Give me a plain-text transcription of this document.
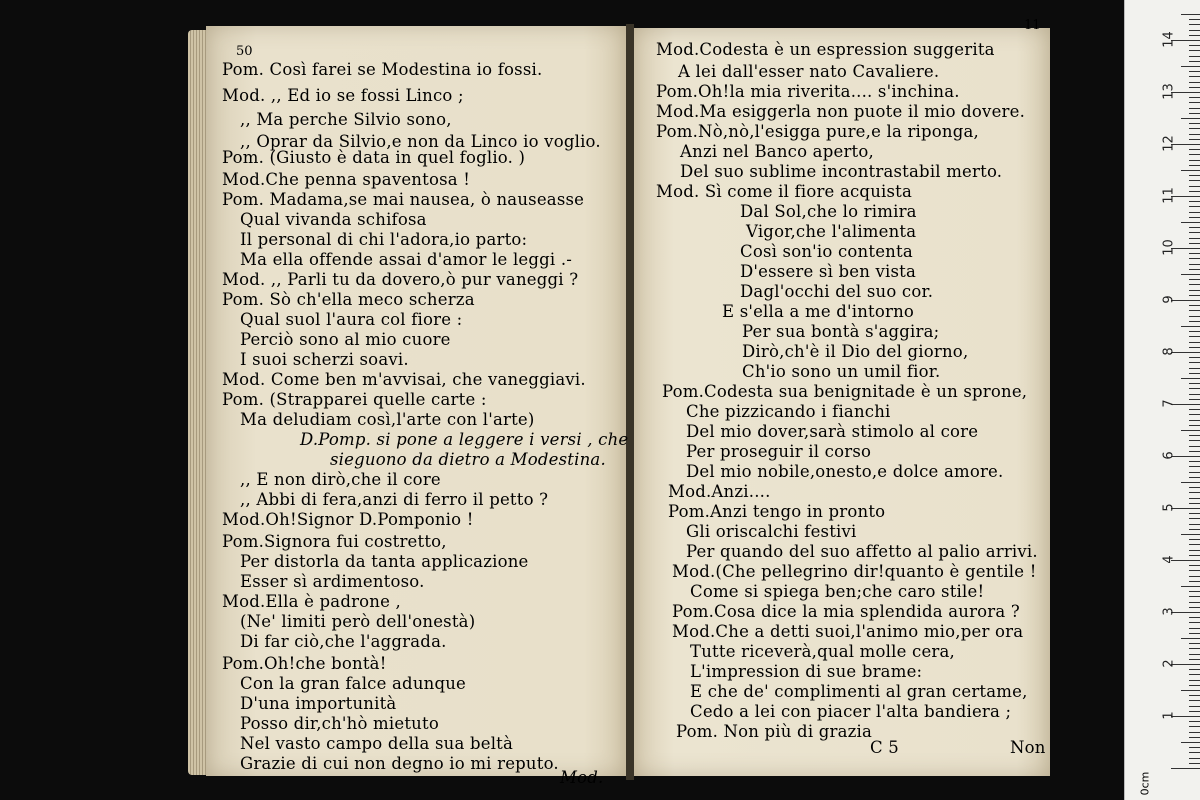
Pom. Così farei se Modestina io fossi.
Mod. ,, Ed io se fossi Linco ;
,, Ma perche Silvio sono,
,, Oprar da Silvio,e non da Linco io voglio.
Pom. (Giusto è data in quel foglio. )
Mod.Che penna spaventosa !
Pom. Madama,se mai nausea, ò nauseasse
Qual vivanda schifosa
Il personal di chi l'adora,io parto:
Ma ella offende assai d'amor le leggi .-
Mod. ,, Parli tu da dovero,ò pur vaneggi ?
Pom. Sò ch'ella meco scherza
Qual suol l'aura col fiore :
Perciò sono al mio cuore
I suoi scherzi soavi.
Mod. Come ben m'avvisai, che vaneggiavi.
Pom. (Strapparei quelle carte :
Ma deludiam così,l'arte con l'arte)
D.Pomp. si pone a leggere i versi , che
sieguono da dietro a Modestina.
,, E non dirò,che il core
,, Abbi di fera,anzi di ferro il petto ?
Mod.Oh!Signor D.Pomponio !
Pom.Signora fui costretto,
Per distorla da tanta applicazione
Esser sì ardimentoso.
Mod.Ella è padrone ,
(Ne' limiti però dell'onestà)
Di far ciò,che l'aggrada.
Pom.Oh!che bontà!
Con la gran falce adunque
D'una importunità
Posso dir,ch'hò mietuto
Nel vasto campo della sua beltà
Grazie di cui non degno io mi reputo.
Mod.
Mod.Codesta è un espression suggerita
A lei dall'esser nato Cavaliere.
Pom.Oh!la mia riverita.... s'inchina.
Mod.Ma esiggerla non puote il mio dovere.
Pom.Nò,nò,l'esigga pure,e la riponga,
Anzi nel Banco aperto,
Del suo sublime incontrastabil merto.
Mod. Sì come il fiore acquista
Dal Sol,che lo rimira
Vigor,che l'alimenta
Così son'io contenta
D'essere sì ben vista
Dagl'occhi del suo cor.
E s'ella a me d'intorno
Per sua bontà s'aggira;
Dirò,ch'è il Dio del giorno,
Ch'io sono un umil fior.
Pom.Codesta sua benignitade è un sprone,
Che pizzicando i fianchi
Del mio dover,sarà stimolo al core
Per proseguir il corso
Del mio nobile,onesto,e dolce amore.
Mod.Anzi....
Pom.Anzi tengo in pronto
Gli oriscalchi festivi
Per quando del suo affetto al palio arrivi.
Mod.(Che pellegrino dir!quanto è gentile !
Come si spiega ben;che caro stile!
Pom.Cosa dice la mia splendida aurora ?
Mod.Che a detti suoi,l'animo mio,per ora
Tutte riceverà,qual molle cera,
L'impression di sue brame:
E che de' complimenti al gran certame,
Cedo a lei con piacer l'alta bandiera ;
Pom. Non più di grazia
C 5	Non
50
11
0cm
1
2
3
4
5
6
7
8
9
10
11
12
13
14
